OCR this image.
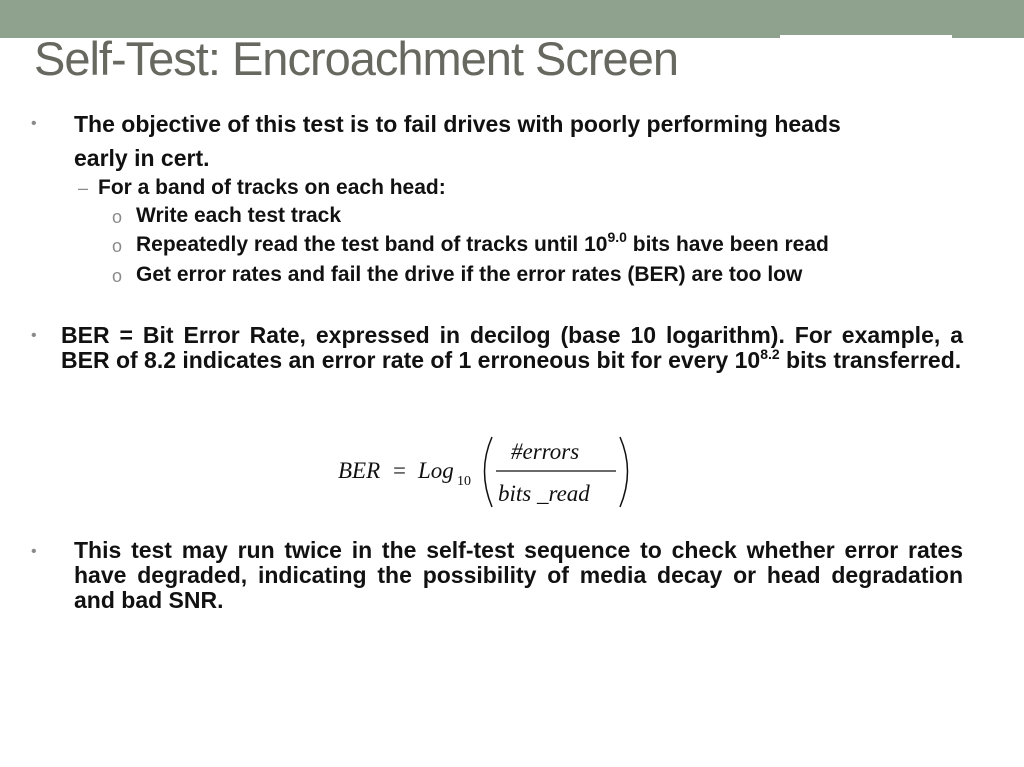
Self-Test: Encroachment Screen
• The objective of this test is to fail drives with poorly performing heads

early in cert.

– For a band of tracks on each head:

o Write each test track

o Repeatedly read the test band of tracks until $10^{9.0}$ bits have been read

o Get error rates and fail the drive if the error rates (BER) are too low

• BER = Bit Error Rate, expressed in decilog (base 10 logarithm). For example, a BER of 8.2 indicates an error rate of 1 erroneous bit for every $10^{8.2}$ bits transferred.

BER = Log 10
#errors
bits _read
• This test may run twice in the self-test sequence to check whether error rates have degraded, indicating the possibility of media decay or head degradation and bad SNR.
